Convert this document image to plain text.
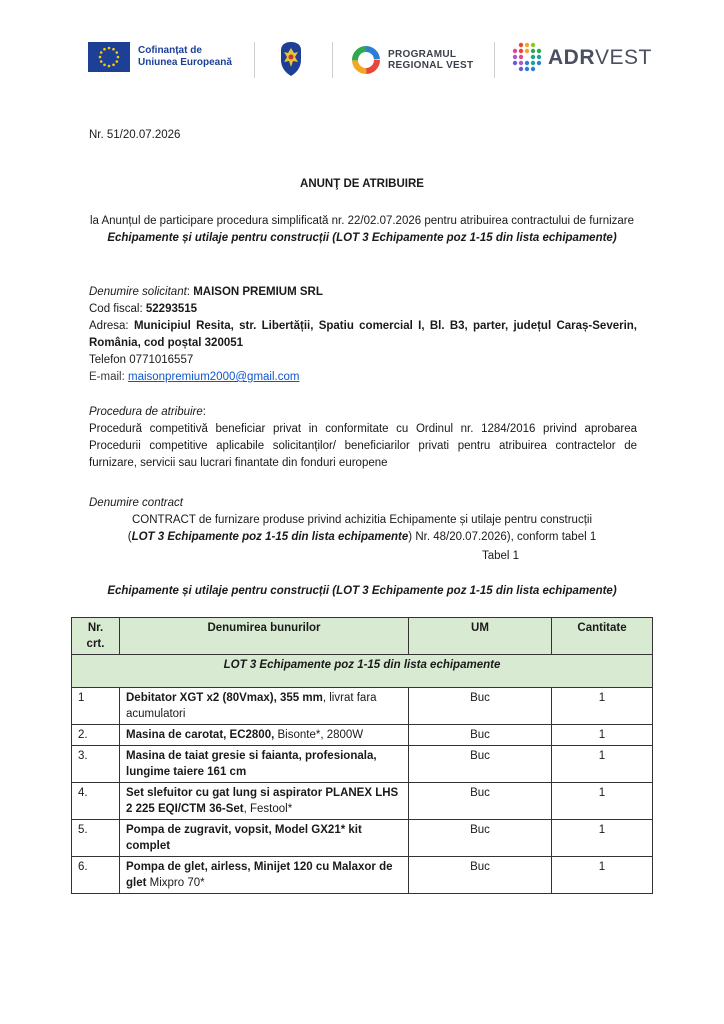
Cofinanțat de
Uniunea Europeană
PROGRAMUL
REGIONAL VEST	ADRVEST
Nr. 51/20.07.2026
ANUNŢ DE ATRIBUIRE
la Anunțul de participare procedura simplificată nr. 22/02.07.2026 pentru atribuirea contractului de furnizare Echipamente și utilaje pentru construcții (LOT 3 Echipamente poz 1-15 din lista echipamente)
Denumire solicitant: MAISON PREMIUM SRL
Cod fiscal: 52293515
Adresa: Municipiul Resita, str. Libertății, Spatiu comercial I, Bl. B3, parter, județul Caraș-Severin, România, cod poștal 320051
Telefon 0771016557
E-mail: maisonpremium2000@gmail.com
Procedura de atribuire:
Procedură competitivă beneficiar privat in conformitate cu Ordinul nr. 1284/2016 privind aprobarea Procedurii competitive aplicabile solicitanților/ beneficiarilor privati pentru atribuirea contractelor de furnizare, servicii sau lucrari finantate din fonduri europene
Denumire contract
CONTRACT de furnizare produse privind achizitia Echipamente și utilaje pentru construcții
(LOT 3 Echipamente poz 1-15 din lista echipamente) Nr. 48/20.07.2026), conform tabel 1
Tabel 1
Echipamente și utilaje pentru construcții (LOT 3 Echipamente poz 1-15 din lista echipamente)
Nr. crt.	Denumirea bunurilor	UM	Cantitate
LOT 3 Echipamente poz 1-15 din lista echipamente			
1	Debitator XGT x2 (80Vmax), 355 mm, livrat fara acumulatori	Buc	1
2.	Masina de carotat, EC2800, Bisonte*, 2800W	Buc	1
3.	Masina de taiat gresie si faianta, profesionala, lungime taiere 161 cm	Buc	1
4.	Set slefuitor cu gat lung si aspirator PLANEX LHS 2 225 EQI/CTM 36-Set, Festool*	Buc	1
5.	Pompa de zugravit, vopsit, Model GX21* kit complet	Buc	1
6.	Pompa de glet, airless, Minijet 120 cu Malaxor de glet Mixpro 70*	Buc	1
